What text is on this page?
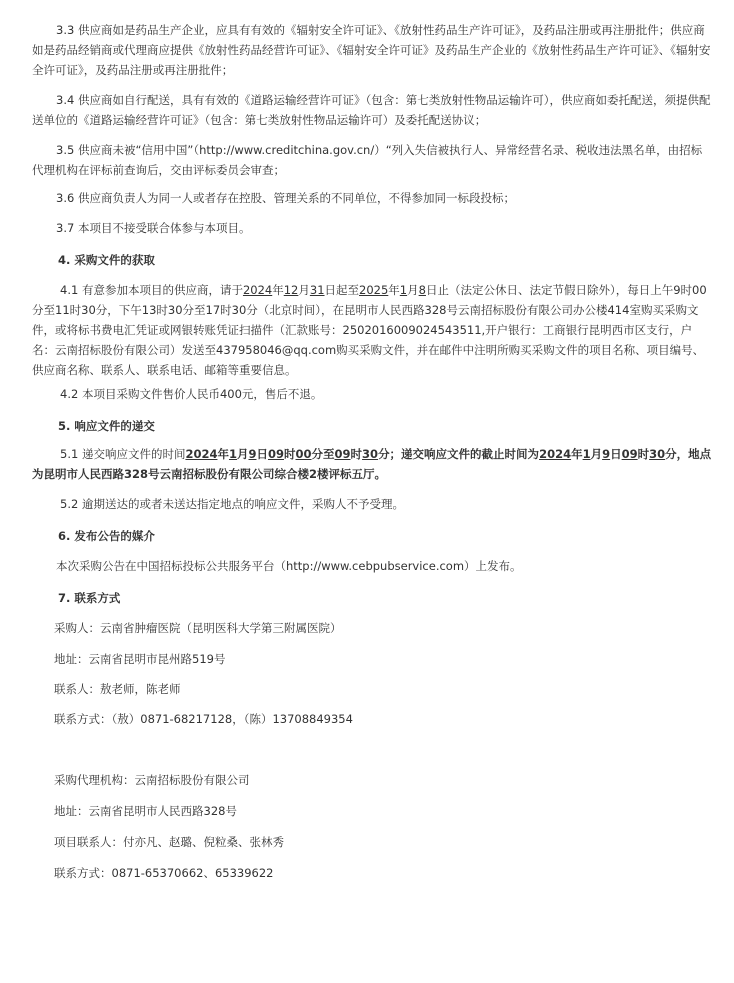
3.3 供应商如是药品生产企业，应具有有效的《辐射安全许可证》、《放射性药品生产许可证》，及药品注册或再注册批件；供应商如是药品经销商或代理商应提供《放射性药品经营许可证》、《辐射安全许可证》及药品生产企业的《放射性药品生产许可证》、《辐射安全许可证》，及药品注册或再注册批件；
3.4 供应商如自行配送，具有有效的《道路运输经营许可证》（包含：第七类放射性物品运输许可），供应商如委托配送，须提供配送单位的《道路运输经营许可证》（包含：第七类放射性物品运输许可）及委托配送协议；
3.5 供应商未被“信用中国”（http://www.creditchina.gov.cn/）“列入失信被执行人、异常经营名录、税收违法黑名单，由招标代理机构在评标前查询后，交由评标委员会审查；
3.6 供应商负责人为同一人或者存在控股、管理关系的不同单位，不得参加同一标段投标；
3.7 本项目不接受联合体参与本项目。
4. 采购文件的获取
4.1 有意参加本项目的供应商，请于2024年12月31日起至2025年1月8日止（法定公休日、法定节假日除外），每日上午9时00分至11时30分，下午13时30分至17时30分（北京时间），在昆明市人民西路328号云南招标股份有限公司办公楼414室购买采购文件，或将标书费电汇凭证或网银转账凭证扫描件（汇款账号：2502016009024543511,开户银行：工商银行昆明西市区支行，户名：云南招标股份有限公司）发送至437958046@qq.com购买采购文件，并在邮件中注明所购买采购文件的项目名称、项目编号、供应商名称、联系人、联系电话、邮箱等重要信息。
4.2 本项目采购文件售价人民币400元，售后不退。
5. 响应文件的递交
5.1 递交响应文件的时间2024年1月9日09时00分至09时30分；递交响应文件的截止时间为2024年1月9日09时30分，地点为昆明市人民西路328号云南招标股份有限公司综合楼2楼评标五厅。
5.2 逾期送达的或者未送达指定地点的响应文件，采购人不予受理。
6. 发布公告的媒介
本次采购公告在中国招标投标公共服务平台（http://www.cebpubservice.com）上发布。
7. 联系方式
采购人：云南省肿瘤医院（昆明医科大学第三附属医院）
地址：云南省昆明市昆州路519号
联系人：敖老师，陈老师
联系方式：（敖）0871-68217128，（陈）13708849354
采购代理机构：云南招标股份有限公司
地址：云南省昆明市人民西路328号
项目联系人：付亦凡、赵璐、倪粒桑、张林秀
联系方式：0871-65370662、65339622
